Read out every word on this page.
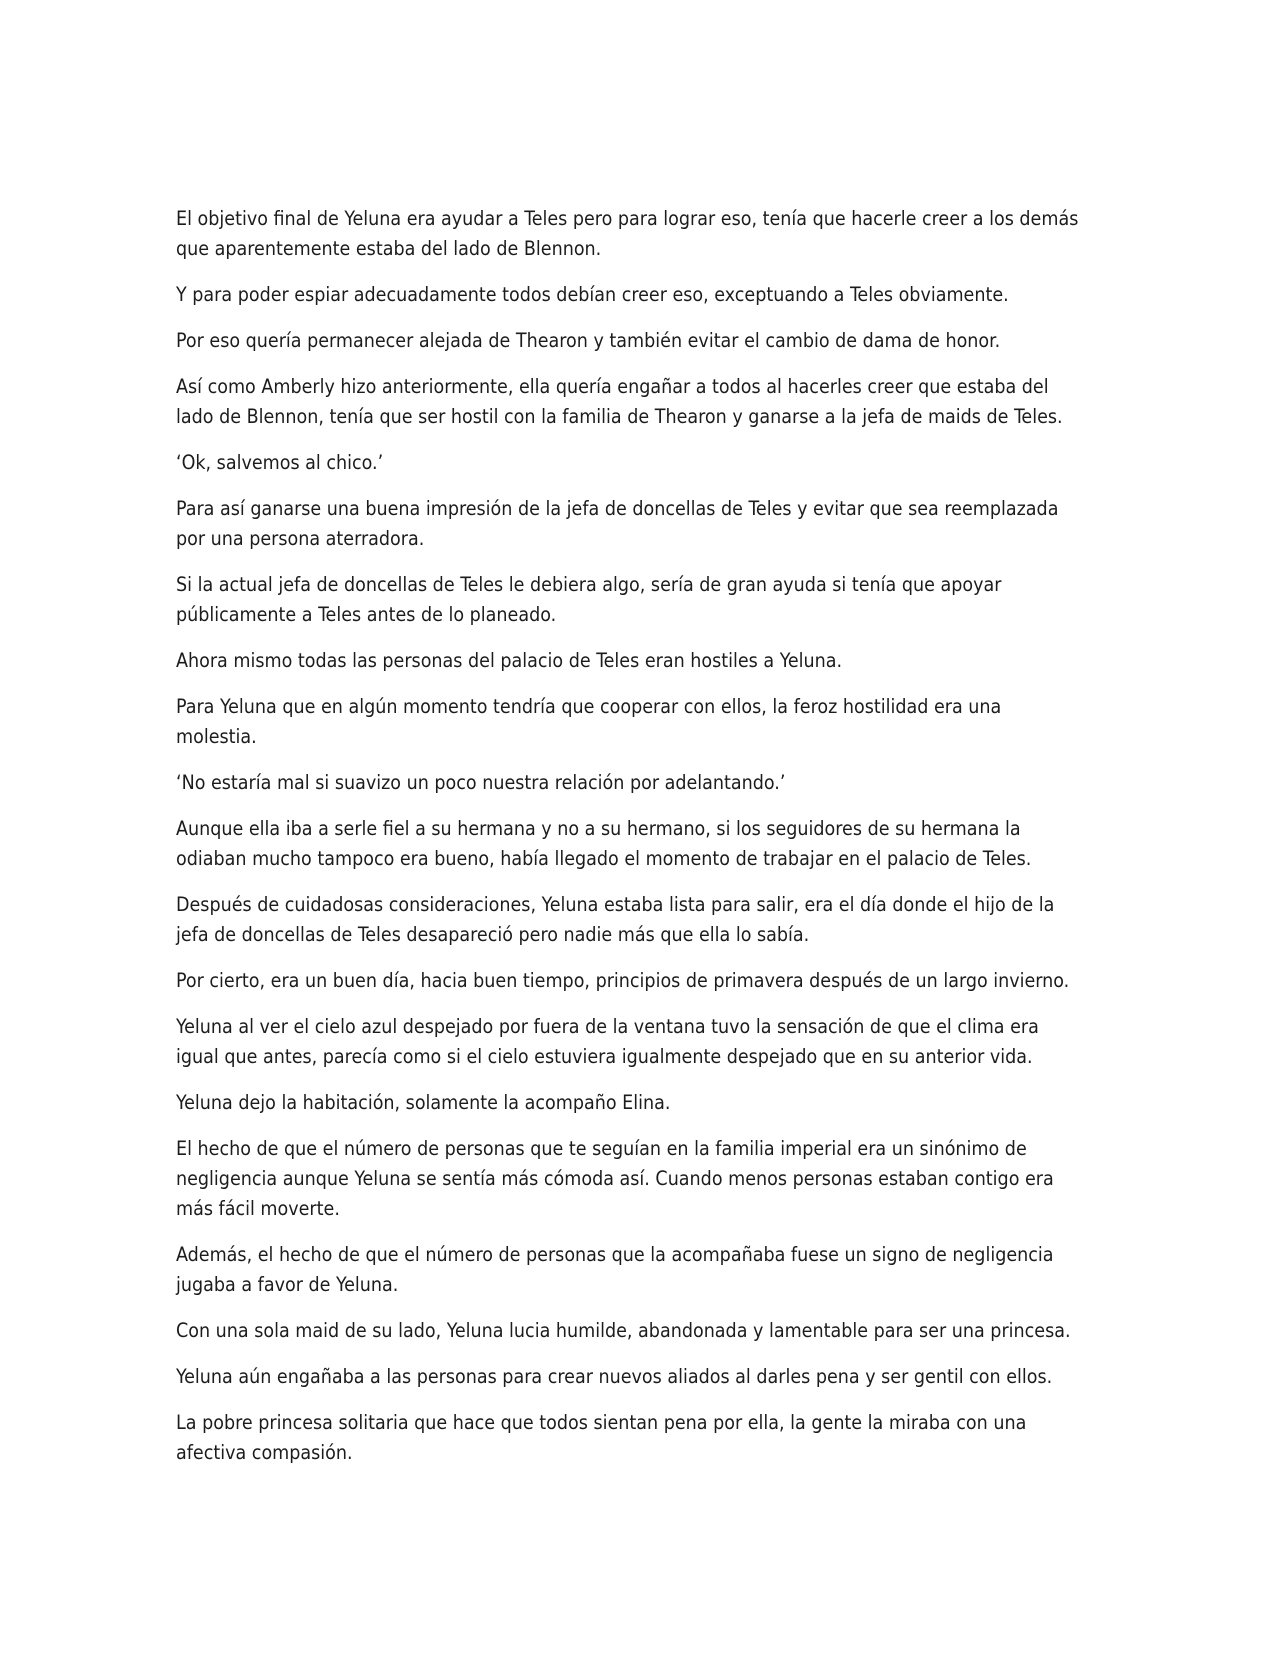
El objetivo final de Yeluna era ayudar a Teles pero para lograr eso, tenía que hacerle creer a los demás que aparentemente estaba del lado de Blennon.

Y para poder espiar adecuadamente todos debían creer eso, exceptuando a Teles obviamente.

Por eso quería permanecer alejada de Thearon y también evitar el cambio de dama de honor.

Así como Amberly hizo anteriormente, ella quería engañar a todos al hacerles creer que estaba del lado de Blennon, tenía que ser hostil con la familia de Thearon y ganarse a la jefa de maids de Teles.

‘Ok, salvemos al chico.’

Para así ganarse una buena impresión de la jefa de doncellas de Teles y evitar que sea reemplazada por una persona aterradora.

Si la actual jefa de doncellas de Teles le debiera algo, sería de gran ayuda si tenía que apoyar públicamente a Teles antes de lo planeado.

Ahora mismo todas las personas del palacio de Teles eran hostiles a Yeluna.

Para Yeluna que en algún momento tendría que cooperar con ellos, la feroz hostilidad era una molestia.

‘No estaría mal si suavizo un poco nuestra relación por adelantando.’

Aunque ella iba a serle fiel a su hermana y no a su hermano, si los seguidores de su hermana la odiaban mucho tampoco era bueno, había llegado el momento de trabajar en el palacio de Teles.

Después de cuidadosas consideraciones, Yeluna estaba lista para salir, era el día donde el hijo de la jefa de doncellas de Teles desapareció pero nadie más que ella lo sabía.

Por cierto, era un buen día, hacia buen tiempo, principios de primavera después de un largo invierno.

Yeluna al ver el cielo azul despejado por fuera de la ventana tuvo la sensación de que el clima era igual que antes, parecía como si el cielo estuviera igualmente despejado que en su anterior vida.

Yeluna dejo la habitación, solamente la acompaño Elina.

El hecho de que el número de personas que te seguían en la familia imperial era un sinónimo de negligencia aunque Yeluna se sentía más cómoda así. Cuando menos personas estaban contigo era más fácil moverte.

Además, el hecho de que el número de personas que la acompañaba fuese un signo de negligencia jugaba a favor de Yeluna.

Con una sola maid de su lado, Yeluna lucia humilde, abandonada y lamentable para ser una princesa.

Yeluna aún engañaba a las personas para crear nuevos aliados al darles pena y ser gentil con ellos.

La pobre princesa solitaria que hace que todos sientan pena por ella, la gente la miraba con una afectiva compasión.
